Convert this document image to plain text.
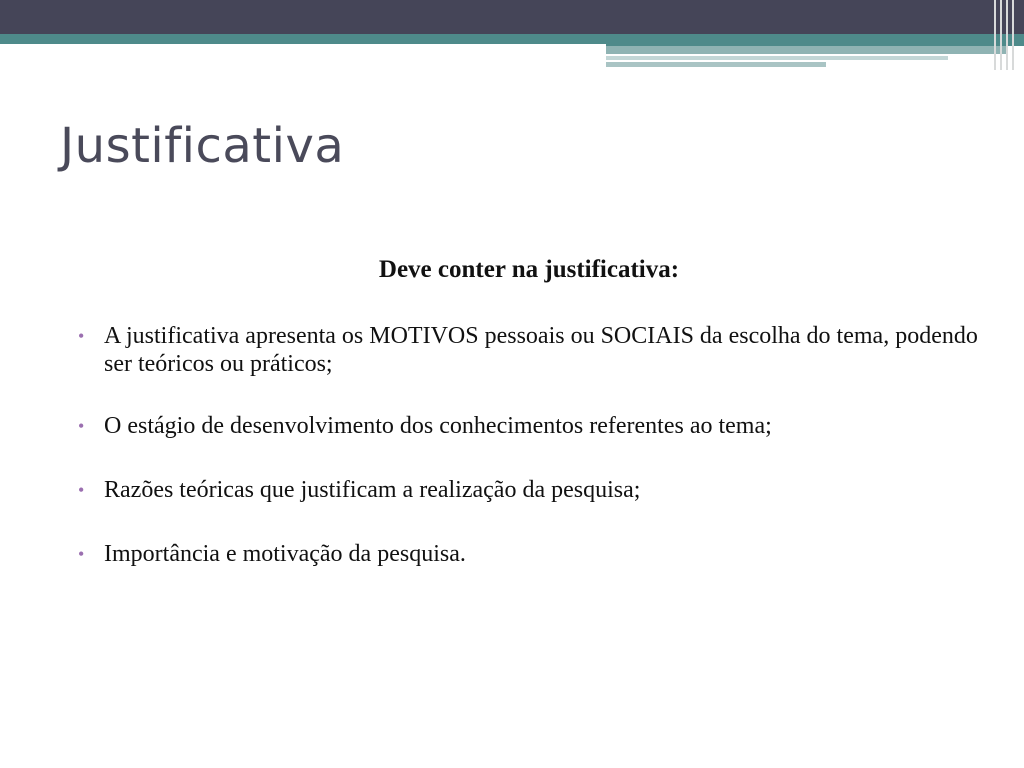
Justificativa
Deve conter na justificativa:
• A justificativa apresenta os MOTIVOS pessoais ou SOCIAIS da escolha do tema, podendo ser teóricos ou práticos;
• O estágio de desenvolvimento dos conhecimentos referentes ao tema;
• Razões teóricas que justificam a realização da pesquisa;
• Importância e motivação da pesquisa.
